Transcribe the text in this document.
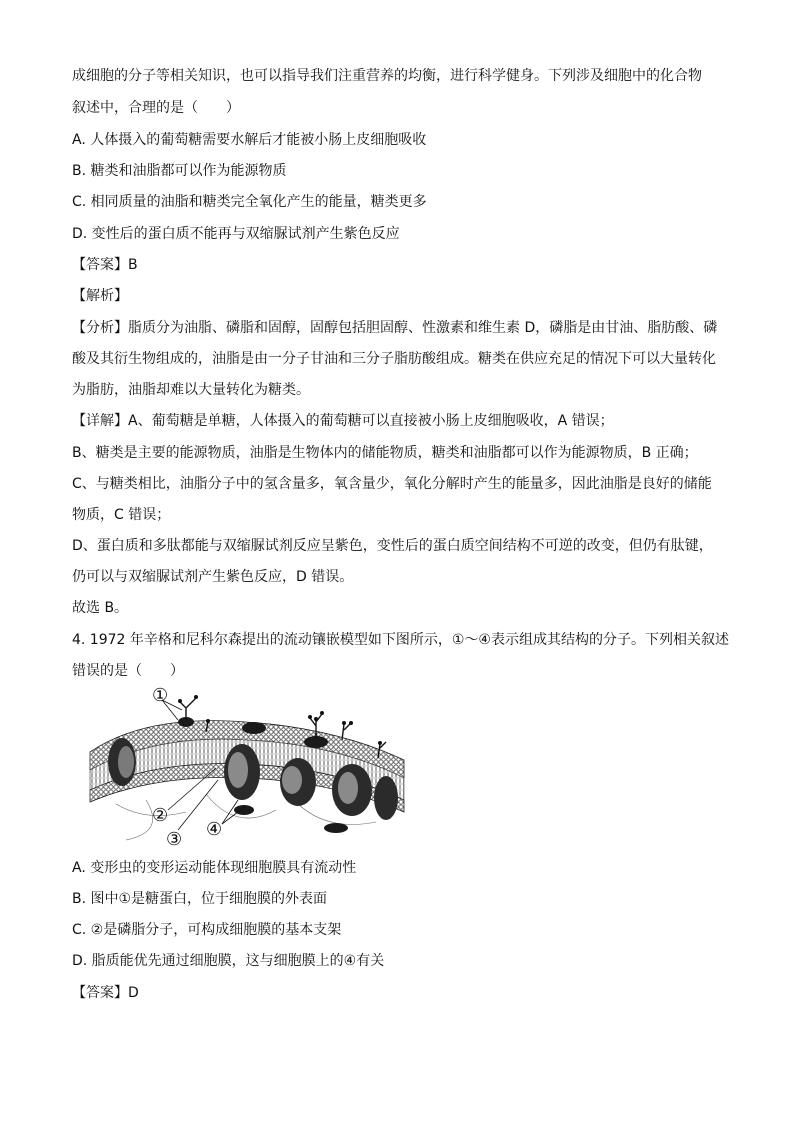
成细胞的分子等相关知识，也可以指导我们注重营养的均衡，进行科学健身。下列涉及细胞中的化合物
叙述中，合理的是（　　）
A. 人体摄入的葡萄糖需要水解后才能被小肠上皮细胞吸收
B. 糖类和油脂都可以作为能源物质
C. 相同质量的油脂和糖类完全氧化产生的能量，糖类更多
D. 变性后的蛋白质不能再与双缩脲试剂产生紫色反应
【答案】B
【解析】
【分析】脂质分为油脂、磷脂和固醇，固醇包括胆固醇、性激素和维生素 D，磷脂是由甘油、脂肪酸、磷
酸及其衍生物组成的，油脂是由一分子甘油和三分子脂肪酸组成。糖类在供应充足的情况下可以大量转化
为脂肪，油脂却难以大量转化为糖类。
【详解】A、葡萄糖是单糖，人体摄入的葡萄糖可以直接被小肠上皮细胞吸收，A 错误；
B、糖类是主要的能源物质，油脂是生物体内的储能物质，糖类和油脂都可以作为能源物质，B 正确；
C、与糖类相比，油脂分子中的氢含量多，氧含量少，氧化分解时产生的能量多，因此油脂是良好的储能
物质，C 错误；
D、蛋白质和多肽都能与双缩脲试剂反应呈紫色，变性后的蛋白质空间结构不可逆的改变，但仍有肽键，
仍可以与双缩脲试剂产生紫色反应，D 错误。
故选 B。
4. 1972 年辛格和尼科尔森提出的流动镶嵌模型如下图所示，①～④表示组成其结构的分子。下列相关叙述
错误的是（　　）
①
②
③ ④
A. 变形虫的变形运动能体现细胞膜具有流动性
B. 图中①是糖蛋白，位于细胞膜的外表面
C. ②是磷脂分子，可构成细胞膜的基本支架
D. 脂质能优先通过细胞膜，这与细胞膜上的④有关
【答案】D
